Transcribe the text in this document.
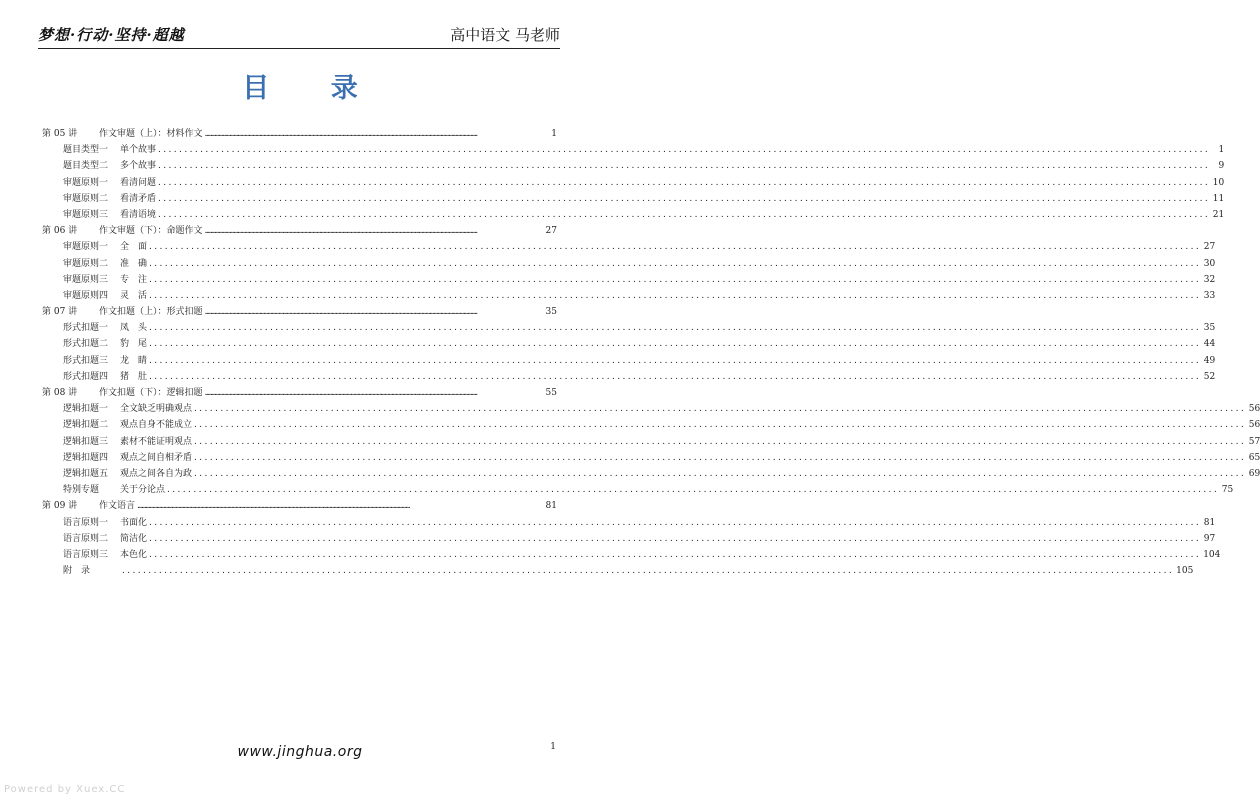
梦想·行动·坚持·超越	高中语文 马老师
目 录
第 05 讲	作文审题（上）：材料作文 ........................................................................................................................................................................................................	1
题目类型一	单个故事 ........................................................................................................................................................................................................ 1
题目类型二	多个故事 ........................................................................................................................................................................................................ 9
审题原则一	看清问题 ........................................................................................................................................................................................................ 10
审题原则二	看清矛盾 ........................................................................................................................................................................................................ 11
审题原则三	看清语境 ........................................................................................................................................................................................................ 21
第 06 讲	作文审题（下）：命题作文 ........................................................................................................................................................................................................	27
审题原则一	全　面 ........................................................................................................................................................................................................ 27
审题原则二	准　确 ........................................................................................................................................................................................................ 30
审题原则三	专　注 ........................................................................................................................................................................................................ 32
审题原则四	灵　活 ........................................................................................................................................................................................................ 33
第 07 讲	作文扣题（上）：形式扣题 ........................................................................................................................................................................................................	35
形式扣题一	凤　头 ........................................................................................................................................................................................................ 35
形式扣题二	豹　尾 ........................................................................................................................................................................................................ 44
形式扣题三	龙　睛 ........................................................................................................................................................................................................ 49
形式扣题四	猪　肚 ........................................................................................................................................................................................................ 52
第 08 讲	作文扣题（下）：逻辑扣题 ........................................................................................................................................................................................................	55
逻辑扣题一	全文缺乏明确观点 ........................................................................................................................................................................................................ 56
逻辑扣题二	观点自身不能成立 ........................................................................................................................................................................................................ 56
逻辑扣题三	素材不能证明观点 ........................................................................................................................................................................................................ 57
逻辑扣题四	观点之间自相矛盾 ........................................................................................................................................................................................................ 65
逻辑扣题五	观点之间各自为政 ........................................................................................................................................................................................................ 69
特别专题	关于分论点 ........................................................................................................................................................................................................ 75
第 09 讲	作文语言 ........................................................................................................................................................................................................	81
语言原则一	书面化 ........................................................................................................................................................................................................ 81
语言原则二	简洁化 ........................................................................................................................................................................................................ 97
语言原则三	本色化 ........................................................................................................................................................................................................ 104
附　录	........................................................................................................................................................................................................ 105
www.jinghua.org	1
Powered by Xuex.CC
